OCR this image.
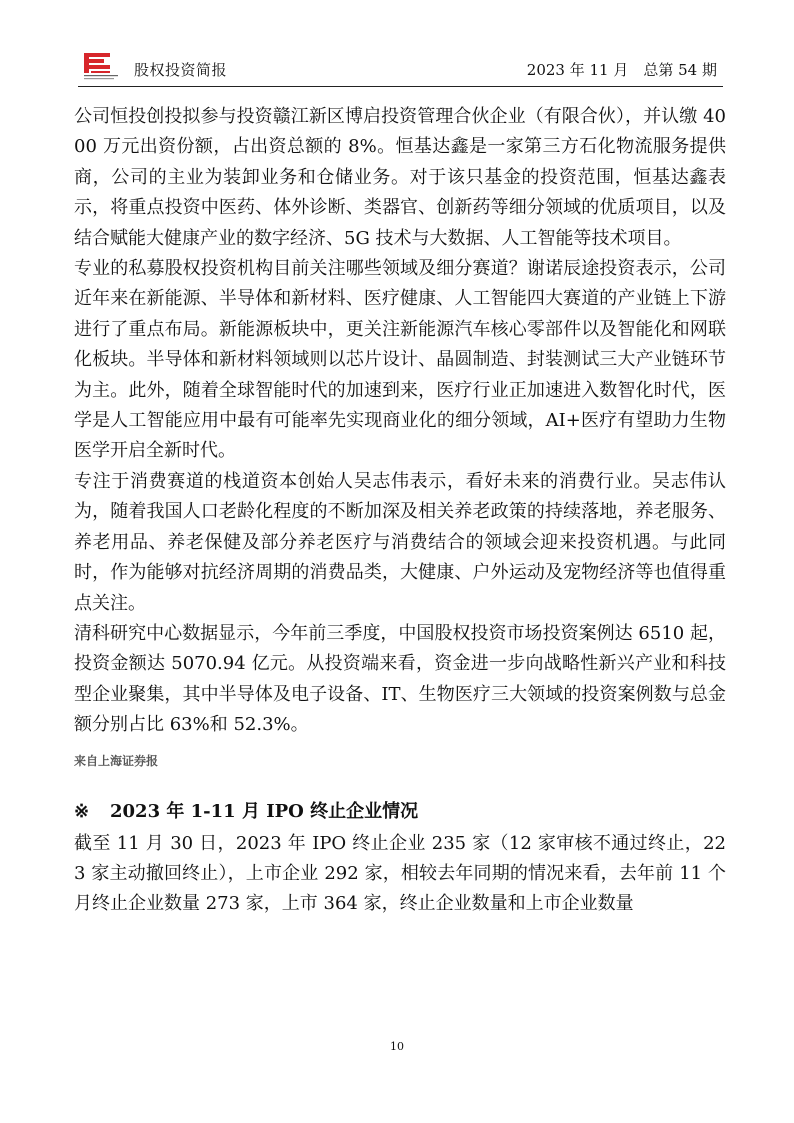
股权投资简报	2023 年 11 月　总第 54 期

公司恒投创投拟参与投资赣江新区博启投资管理合伙企业（有限合伙），并认缴 4000 万元出资份额，占出资总额的 8%。恒基达鑫是一家第三方石化物流服务提供商，公司的主业为装卸业务和仓储业务。对于该只基金的投资范围，恒基达鑫表示，将重点投资中医药、体外诊断、类器官、创新药等细分领域的优质项目，以及结合赋能大健康产业的数字经济、5G 技术与大数据、人工智能等技术项目。

专业的私募股权投资机构目前关注哪些领域及细分赛道？谢诺辰途投资表示，公司近年来在新能源、半导体和新材料、医疗健康、人工智能四大赛道的产业链上下游进行了重点布局。新能源板块中，更关注新能源汽车核心零部件以及智能化和网联化板块。半导体和新材料领域则以芯片设计、晶圆制造、封装测试三大产业链环节为主。此外，随着全球智能时代的加速到来，医疗行业正加速进入数智化时代，医学是人工智能应用中最有可能率先实现商业化的细分领域，AI+医疗有望助力生物医学开启全新时代。

专注于消费赛道的栈道资本创始人吴志伟表示，看好未来的消费行业。吴志伟认为，随着我国人口老龄化程度的不断加深及相关养老政策的持续落地，养老服务、养老用品、养老保健及部分养老医疗与消费结合的领域会迎来投资机遇。与此同时，作为能够对抗经济周期的消费品类，大健康、户外运动及宠物经济等也值得重点关注。

清科研究中心数据显示，今年前三季度，中国股权投资市场投资案例达 6510 起，投资金额达 5070.94 亿元。从投资端来看，资金进一步向战略性新兴产业和科技型企业聚集，其中半导体及电子设备、IT、生物医疗三大领域的投资案例数与总金额分别占比 63%和 52.3%。

来自上海证券报
※ 2023 年 1-11 月 IPO 终止企业情况

截至 11 月 30 日，2023 年 IPO 终止企业 235 家（12 家审核不通过终止，223 家主动撤回终止），上市企业 292 家，相较去年同期的情况来看，去年前 11 个月终止企业数量 273 家，上市 364 家，终止企业数量和上市企业数量

10
